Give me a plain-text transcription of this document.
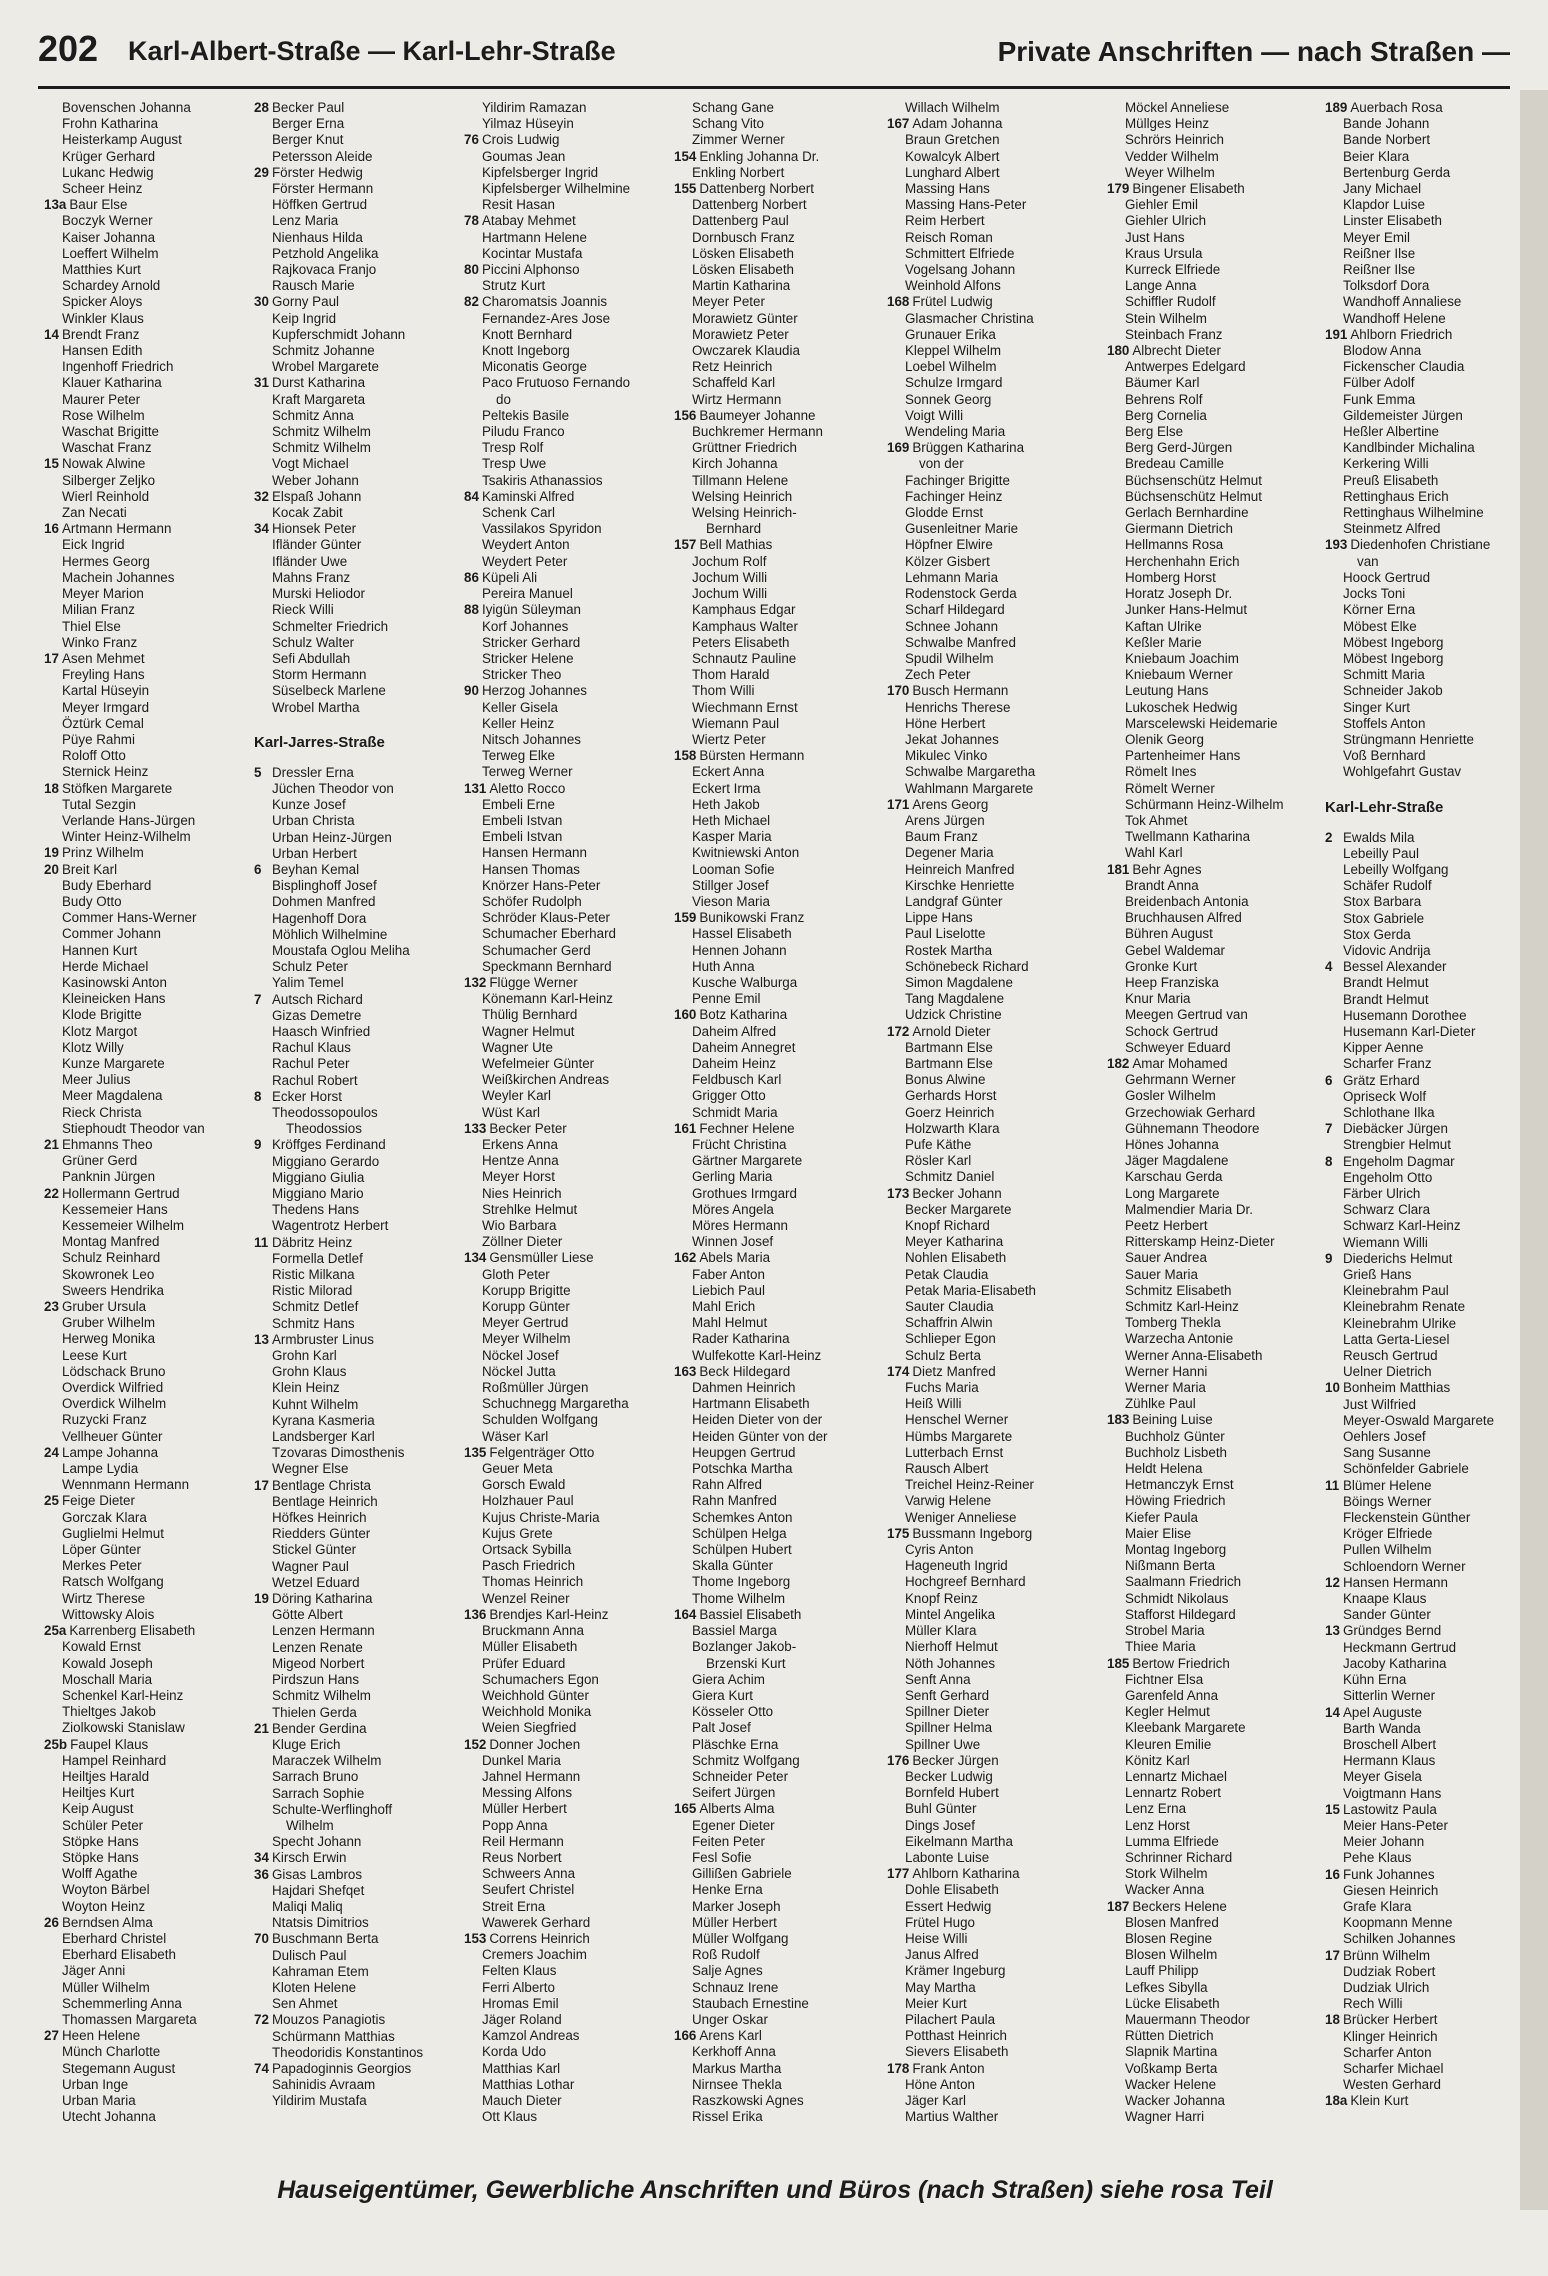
202 Karl-Albert-Straße — Karl-Lehr-Straße	Private Anschriften — nach Straßen —
Bovenschen Johanna
Frohn Katharina
Heisterkamp August
Krüger Gerhard
Lukanc Hedwig
Scheer Heinz
13a Baur Else
Boczyk Werner
Kaiser Johanna
Loeffert Wilhelm
Matthies Kurt
Schardey Arnold
Spicker Aloys
Winkler Klaus
14 Brendt Franz
Hansen Edith
Ingenhoff Friedrich
Klauer Katharina
Maurer Peter
Rose Wilhelm
Waschat Brigitte
Waschat Franz
15 Nowak Alwine
Silberger Zeljko
Wierl Reinhold
Zan Necati
16 Artmann Hermann
Eick Ingrid
Hermes Georg
Machein Johannes
Meyer Marion
Milian Franz
Thiel Else
Winko Franz
17 Asen Mehmet
Freyling Hans
Kartal Hüseyin
Meyer Irmgard
Öztürk Cemal
Püye Rahmi
Roloff Otto
Sternick Heinz
18 Stöfken Margarete
Tutal Sezgin
Verlande Hans-Jürgen
Winter Heinz-Wilhelm
19 Prinz Wilhelm
20 Breit Karl
Budy Eberhard
Budy Otto
Commer Hans-Werner
Commer Johann
Hannen Kurt
Herde Michael
Kasinowski Anton
Kleineicken Hans
Klode Brigitte
Klotz Margot
Klotz Willy
Kunze Margarete
Meer Julius
Meer Magdalena
Rieck Christa
Stiephoudt Theodor van
21 Ehmanns Theo
Grüner Gerd
Panknin Jürgen
22 Hollermann Gertrud
Kessemeier Hans
Kessemeier Wilhelm
Montag Manfred
Schulz Reinhard
Skowronek Leo
Sweers Hendrika
23 Gruber Ursula
Gruber Wilhelm
Herweg Monika
Leese Kurt
Lödschack Bruno
Overdick Wilfried
Overdick Wilhelm
Ruzycki Franz
Vellheuer Günter
24 Lampe Johanna
Lampe Lydia
Wennmann Hermann
25 Feige Dieter
Gorczak Klara
Guglielmi Helmut
Löper Günter
Merkes Peter
Ratsch Wolfgang
Wirtz Therese
Wittowsky Alois
25a Karrenberg Elisabeth
Kowald Ernst
Kowald Joseph
Moschall Maria
Schenkel Karl-Heinz
Thieltges Jakob
Ziolkowski Stanislaw
25b Faupel Klaus
Hampel Reinhard
Heiltjes Harald
Heiltjes Kurt
Keip August
Schüler Peter
Stöpke Hans
Stöpke Hans
Wolff Agathe
Woyton Bärbel
Woyton Heinz
26 Berndsen Alma
Eberhard Christel
Eberhard Elisabeth
Jäger Anni
Müller Wilhelm
Schemmerling Anna
Thomassen Margareta
27 Heen Helene
Münch Charlotte
Stegemann August
Urban Inge
Urban Maria
Utecht Johanna
28 Becker Paul
Berger Erna
Berger Knut
Petersson Aleide
29 Förster Hedwig
Förster Hermann
Höffken Gertrud
Lenz Maria
Nienhaus Hilda
Petzhold Angelika
Rajkovaca Franjo
Rausch Marie
30 Gorny Paul
Keip Ingrid
Kupferschmidt Johann
Schmitz Johanne
Wrobel Margarete
31 Durst Katharina
Kraft Margareta
Schmitz Anna
Schmitz Wilhelm
Schmitz Wilhelm
Vogt Michael
Weber Johann
32 Elspaß Johann
Kocak Zabit
34 Hionsek Peter
Ifländer Günter
Ifländer Uwe
Mahns Franz
Murski Heliodor
Rieck Willi
Schmelter Friedrich
Schulz Walter
Sefi Abdullah
Storm Hermann
Süselbeck Marlene
Wrobel Martha
Karl-Jarres-Straße
5 Dressler Erna
Jüchen Theodor von
Kunze Josef
Urban Christa
Urban Heinz-Jürgen
Urban Herbert
6 Beyhan Kemal
Bisplinghoff Josef
Dohmen Manfred
Hagenhoff Dora
Möhlich Wilhelmine
Moustafa Oglou Meliha
Schulz Peter
Yalim Temel
7 Autsch Richard
Gizas Demetre
Haasch Winfried
Rachul Klaus
Rachul Peter
Rachul Robert
8 Ecker Horst
Theodossopoulos
Theodossios
9 Kröffges Ferdinand
Miggiano Gerardo
Miggiano Giulia
Miggiano Mario
Thedens Hans
Wagentrotz Herbert
11 Däbritz Heinz
Formella Detlef
Ristic Milkana
Ristic Milorad
Schmitz Detlef
Schmitz Hans
13 Armbruster Linus
Grohn Karl
Grohn Klaus
Klein Heinz
Kuhnt Wilhelm
Kyrana Kasmeria
Landsberger Karl
Tzovaras Dimosthenis
Wegner Else
17 Bentlage Christa
Bentlage Heinrich
Höfkes Heinrich
Riedders Günter
Stickel Günter
Wagner Paul
Wetzel Eduard
19 Döring Katharina
Götte Albert
Lenzen Hermann
Lenzen Renate
Migeod Norbert
Pirdszun Hans
Schmitz Wilhelm
Thielen Gerda
21 Bender Gerdina
Kluge Erich
Maraczek Wilhelm
Sarrach Bruno
Sarrach Sophie
Schulte-Werflinghoff
Wilhelm
Specht Johann
34 Kirsch Erwin
36 Gisas Lambros
Hajdari Shefqet
Maliqi Maliq
Ntatsis Dimitrios
70 Buschmann Berta
Dulisch Paul
Kahraman Etem
Kloten Helene
Sen Ahmet
72 Mouzos Panagiotis
Schürmann Matthias
Theodoridis Konstantinos
74 Papadoginnis Georgios
Sahinidis Avraam
Yildirim Mustafa
Yildirim Ramazan
Yilmaz Hüseyin
76 Crois Ludwig
Goumas Jean
Kipfelsberger Ingrid
Kipfelsberger Wilhelmine
Resit Hasan
78 Atabay Mehmet
Hartmann Helene
Kocintar Mustafa
80 Piccini Alphonso
Strutz Kurt
82 Charomatsis Joannis
Fernandez-Ares Jose
Knott Bernhard
Knott Ingeborg
Miconatis George
Paco Frutuoso Fernando
do
Peltekis Basile
Piludu Franco
Tresp Rolf
Tresp Uwe
Tsakiris Athanassios
84 Kaminski Alfred
Schenk Carl
Vassilakos Spyridon
Weydert Anton
Weydert Peter
86 Küpeli Ali
Pereira Manuel
88 Iyigün Süleyman
Korf Johannes
Stricker Gerhard
Stricker Helene
Stricker Theo
90 Herzog Johannes
Keller Gisela
Keller Heinz
Nitsch Johannes
Terweg Elke
Terweg Werner
131 Aletto Rocco
Embeli Erne
Embeli Istvan
Embeli Istvan
Hansen Hermann
Hansen Thomas
Knörzer Hans-Peter
Schöfer Rudolph
Schröder Klaus-Peter
Schumacher Eberhard
Schumacher Gerd
Speckmann Bernhard
132 Flügge Werner
Könemann Karl-Heinz
Thülig Bernhard
Wagner Helmut
Wagner Ute
Wefelmeier Günter
Weißkirchen Andreas
Weyler Karl
Wüst Karl
133 Becker Peter
Erkens Anna
Hentze Anna
Meyer Horst
Nies Heinrich
Strehlke Helmut
Wio Barbara
Zöllner Dieter
134 Gensmüller Liese
Gloth Peter
Korupp Brigitte
Korupp Günter
Meyer Gertrud
Meyer Wilhelm
Nöckel Josef
Nöckel Jutta
Roßmüller Jürgen
Schuchnegg Margaretha
Schulden Wolfgang
Wäser Karl
135 Felgenträger Otto
Geuer Meta
Gorsch Ewald
Holzhauer Paul
Kujus Christe-Maria
Kujus Grete
Ortsack Sybilla
Pasch Friedrich
Thomas Heinrich
Wenzel Reiner
136 Brendjes Karl-Heinz
Bruckmann Anna
Müller Elisabeth
Prüfer Eduard
Schumachers Egon
Weichhold Günter
Weichhold Monika
Weien Siegfried
152 Donner Jochen
Dunkel Maria
Jahnel Hermann
Messing Alfons
Müller Herbert
Popp Anna
Reil Hermann
Reus Norbert
Schweers Anna
Seufert Christel
Streit Erna
Wawerek Gerhard
153 Correns Heinrich
Cremers Joachim
Felten Klaus
Ferri Alberto
Hromas Emil
Jäger Roland
Kamzol Andreas
Korda Udo
Matthias Karl
Matthias Lothar
Mauch Dieter
Ott Klaus
Schang Gane
Schang Vito
Zimmer Werner
154 Enkling Johanna Dr.
Enkling Norbert
155 Dattenberg Norbert
Dattenberg Norbert
Dattenberg Paul
Dornbusch Franz
Lösken Elisabeth
Lösken Elisabeth
Martin Katharina
Meyer Peter
Morawietz Günter
Morawietz Peter
Owczarek Klaudia
Retz Heinrich
Schaffeld Karl
Wirtz Hermann
156 Baumeyer Johanne
Buchkremer Hermann
Grüttner Friedrich
Kirch Johanna
Tillmann Helene
Welsing Heinrich
Welsing Heinrich-
Bernhard
157 Bell Mathias
Jochum Rolf
Jochum Willi
Jochum Willi
Kamphaus Edgar
Kamphaus Walter
Peters Elisabeth
Schnautz Pauline
Thom Harald
Thom Willi
Wiechmann Ernst
Wiemann Paul
Wiertz Peter
158 Bürsten Hermann
Eckert Anna
Eckert Irma
Heth Jakob
Heth Michael
Kasper Maria
Kwitniewski Anton
Looman Sofie
Stillger Josef
Vieson Maria
159 Bunikowski Franz
Hassel Elisabeth
Hennen Johann
Huth Anna
Kusche Walburga
Penne Emil
160 Botz Katharina
Daheim Alfred
Daheim Annegret
Daheim Heinz
Feldbusch Karl
Grigger Otto
Schmidt Maria
161 Fechner Helene
Frücht Christina
Gärtner Margarete
Gerling Maria
Grothues Irmgard
Möres Angela
Möres Hermann
Winnen Josef
162 Abels Maria
Faber Anton
Liebich Paul
Mahl Erich
Mahl Helmut
Rader Katharina
Wulfekotte Karl-Heinz
163 Beck Hildegard
Dahmen Heinrich
Hartmann Elisabeth
Heiden Dieter von der
Heiden Günter von der
Heupgen Gertrud
Potschka Martha
Rahn Alfred
Rahn Manfred
Schemkes Anton
Schülpen Helga
Schülpen Hubert
Skalla Günter
Thome Ingeborg
Thome Wilhelm
164 Bassiel Elisabeth
Bassiel Marga
Bozlanger Jakob-
Brzenski Kurt
Giera Achim
Giera Kurt
Kösseler Otto
Palt Josef
Pläschke Erna
Schmitz Wolfgang
Schneider Peter
Seifert Jürgen
165 Alberts Alma
Egener Dieter
Feiten Peter
Fesl Sofie
Gillißen Gabriele
Henke Erna
Marker Joseph
Müller Herbert
Müller Wolfgang
Roß Rudolf
Salje Agnes
Schnauz Irene
Staubach Ernestine
Unger Oskar
166 Arens Karl
Kerkhoff Anna
Markus Martha
Nirnsee Thekla
Raszkowski Agnes
Rissel Erika
Willach Wilhelm
167 Adam Johanna
Braun Gretchen
Kowalcyk Albert
Lunghard Albert
Massing Hans
Massing Hans-Peter
Reim Herbert
Reisch Roman
Schmittert Elfriede
Vogelsang Johann
Weinhold Alfons
168 Frütel Ludwig
Glasmacher Christina
Grunauer Erika
Kleppel Wilhelm
Loebel Wilhelm
Schulze Irmgard
Sonnek Georg
Voigt Willi
Wendeling Maria
169 Brüggen Katharina
von der
Fachinger Brigitte
Fachinger Heinz
Glodde Ernst
Gusenleitner Marie
Höpfner Elwire
Kölzer Gisbert
Lehmann Maria
Rodenstock Gerda
Scharf Hildegard
Schnee Johann
Schwalbe Manfred
Spudil Wilhelm
Zech Peter
170 Busch Hermann
Henrichs Therese
Höne Herbert
Jekat Johannes
Mikulec Vinko
Schwalbe Margaretha
Wahlmann Margarete
171 Arens Georg
Arens Jürgen
Baum Franz
Degener Maria
Heinreich Manfred
Kirschke Henriette
Landgraf Günter
Lippe Hans
Paul Liselotte
Rostek Martha
Schönebeck Richard
Simon Magdalene
Tang Magdalene
Udzick Christine
172 Arnold Dieter
Bartmann Else
Bartmann Else
Bonus Alwine
Gerhards Horst
Goerz Heinrich
Holzwarth Klara
Pufe Käthe
Rösler Karl
Schmitz Daniel
173 Becker Johann
Becker Margarete
Knopf Richard
Meyer Katharina
Nohlen Elisabeth
Petak Claudia
Petak Maria-Elisabeth
Sauter Claudia
Schaffrin Alwin
Schlieper Egon
Schulz Berta
174 Dietz Manfred
Fuchs Maria
Heiß Willi
Henschel Werner
Hümbs Margarete
Lutterbach Ernst
Rausch Albert
Treichel Heinz-Reiner
Varwig Helene
Weniger Anneliese
175 Bussmann Ingeborg
Cyris Anton
Hageneuth Ingrid
Hochgreef Bernhard
Knopf Reinz
Mintel Angelika
Müller Klara
Nierhoff Helmut
Nöth Johannes
Senft Anna
Senft Gerhard
Spillner Dieter
Spillner Helma
Spillner Uwe
176 Becker Jürgen
Becker Ludwig
Bornfeld Hubert
Buhl Günter
Dings Josef
Eikelmann Martha
Labonte Luise
177 Ahlborn Katharina
Dohle Elisabeth
Essert Hedwig
Frütel Hugo
Heise Willi
Janus Alfred
Krämer Ingeburg
May Martha
Meier Kurt
Pilachert Paula
Potthast Heinrich
Sievers Elisabeth
178 Frank Anton
Höne Anton
Jäger Karl
Martius Walther
Möckel Anneliese
Müllges Heinz
Schrörs Heinrich
Vedder Wilhelm
Weyer Wilhelm
179 Bingener Elisabeth
Giehler Emil
Giehler Ulrich
Just Hans
Kraus Ursula
Kurreck Elfriede
Lange Anna
Schiffler Rudolf
Stein Wilhelm
Steinbach Franz
180 Albrecht Dieter
Antwerpes Edelgard
Bäumer Karl
Behrens Rolf
Berg Cornelia
Berg Else
Berg Gerd-Jürgen
Bredeau Camille
Büchsenschütz Helmut
Büchsenschütz Helmut
Gerlach Bernhardine
Giermann Dietrich
Hellmanns Rosa
Herchenhahn Erich
Homberg Horst
Horatz Joseph Dr.
Junker Hans-Helmut
Kaftan Ulrike
Keßler Marie
Kniebaum Joachim
Kniebaum Werner
Leutung Hans
Lukoschek Hedwig
Marscelewski Heidemarie
Olenik Georg
Partenheimer Hans
Römelt Ines
Römelt Werner
Schürmann Heinz-Wilhelm
Tok Ahmet
Twellmann Katharina
Wahl Karl
181 Behr Agnes
Brandt Anna
Breidenbach Antonia
Bruchhausen Alfred
Bühren August
Gebel Waldemar
Gronke Kurt
Heep Franziska
Knur Maria
Meegen Gertrud van
Schock Gertrud
Schweyer Eduard
182 Amar Mohamed
Gehrmann Werner
Gosler Wilhelm
Grzechowiak Gerhard
Gühnemann Theodore
Hönes Johanna
Jäger Magdalene
Karschau Gerda
Long Margarete
Malmendier Maria Dr.
Peetz Herbert
Ritterskamp Heinz-Dieter
Sauer Andrea
Sauer Maria
Schmitz Elisabeth
Schmitz Karl-Heinz
Tomberg Thekla
Warzecha Antonie
Werner Anna-Elisabeth
Werner Hanni
Werner Maria
Zühlke Paul
183 Beining Luise
Buchholz Günter
Buchholz Lisbeth
Heldt Helena
Hetmanczyk Ernst
Höwing Friedrich
Kiefer Paula
Maier Elise
Montag Ingeborg
Nißmann Berta
Saalmann Friedrich
Schmidt Nikolaus
Stafforst Hildegard
Strobel Maria
Thiee Maria
185 Bertow Friedrich
Fichtner Elsa
Garenfeld Anna
Kegler Helmut
Kleebank Margarete
Kleuren Emilie
Könitz Karl
Lennartz Michael
Lennartz Robert
Lenz Erna
Lenz Horst
Lumma Elfriede
Schrinner Richard
Stork Wilhelm
Wacker Anna
187 Beckers Helene
Blosen Manfred
Blosen Regine
Blosen Wilhelm
Lauff Philipp
Lefkes Sibylla
Lücke Elisabeth
Mauermann Theodor
Rütten Dietrich
Slapnik Martina
Voßkamp Berta
Wacker Helene
Wacker Johanna
Wagner Harri
189 Auerbach Rosa
Bande Johann
Bande Norbert
Beier Klara
Bertenburg Gerda
Jany Michael
Klapdor Luise
Linster Elisabeth
Meyer Emil
Reißner Ilse
Reißner Ilse
Tolksdorf Dora
Wandhoff Annaliese
Wandhoff Helene
191 Ahlborn Friedrich
Blodow Anna
Fickenscher Claudia
Fülber Adolf
Funk Emma
Gildemeister Jürgen
Heßler Albertine
Kandlbinder Michalina
Kerkering Willi
Preuß Elisabeth
Rettinghaus Erich
Rettinghaus Wilhelmine
Steinmetz Alfred
193 Diedenhofen Christiane
van
Hoock Gertrud
Jocks Toni
Körner Erna
Möbest Elke
Möbest Ingeborg
Möbest Ingeborg
Schmitt Maria
Schneider Jakob
Singer Kurt
Stoffels Anton
Strüngmann Henriette
Voß Bernhard
Wohlgefahrt Gustav
Karl-Lehr-Straße
2 Ewalds Mila
Lebeilly Paul
Lebeilly Wolfgang
Schäfer Rudolf
Stox Barbara
Stox Gabriele
Stox Gerda
Vidovic Andrija
4 Bessel Alexander
Brandt Helmut
Brandt Helmut
Husemann Dorothee
Husemann Karl-Dieter
Kipper Aenne
Scharfer Franz
6 Grätz Erhard
Opriseck Wolf
Schlothane Ilka
7 Diebäcker Jürgen
Strengbier Helmut
8 Engeholm Dagmar
Engeholm Otto
Färber Ulrich
Schwarz Clara
Schwarz Karl-Heinz
Wiemann Willi
9 Diederichs Helmut
Grieß Hans
Kleinebrahm Paul
Kleinebrahm Renate
Kleinebrahm Ulrike
Latta Gerta-Liesel
Reusch Gertrud
Uelner Dietrich
10 Bonheim Matthias
Just Wilfried
Meyer-Oswald Margarete
Oehlers Josef
Sang Susanne
Schönfelder Gabriele
11 Blümer Helene
Böings Werner
Fleckenstein Günther
Kröger Elfriede
Pullen Wilhelm
Schloendorn Werner
12 Hansen Hermann
Knaape Klaus
Sander Günter
13 Gründges Bernd
Heckmann Gertrud
Jacoby Katharina
Kühn Erna
Sitterlin Werner
14 Apel Auguste
Barth Wanda
Broschell Albert
Hermann Klaus
Meyer Gisela
Voigtmann Hans
15 Lastowitz Paula
Meier Hans-Peter
Meier Johann
Pehe Klaus
16 Funk Johannes
Giesen Heinrich
Grafe Klara
Koopmann Menne
Schilken Johannes
17 Brünn Wilhelm
Dudziak Robert
Dudziak Ulrich
Rech Willi
18 Brücker Herbert
Klinger Heinrich
Scharfer Anton
Scharfer Michael
Westen Gerhard
18a Klein Kurt
Hauseigentümer, Gewerbliche Anschriften und Büros (nach Straßen) siehe rosa Teil
